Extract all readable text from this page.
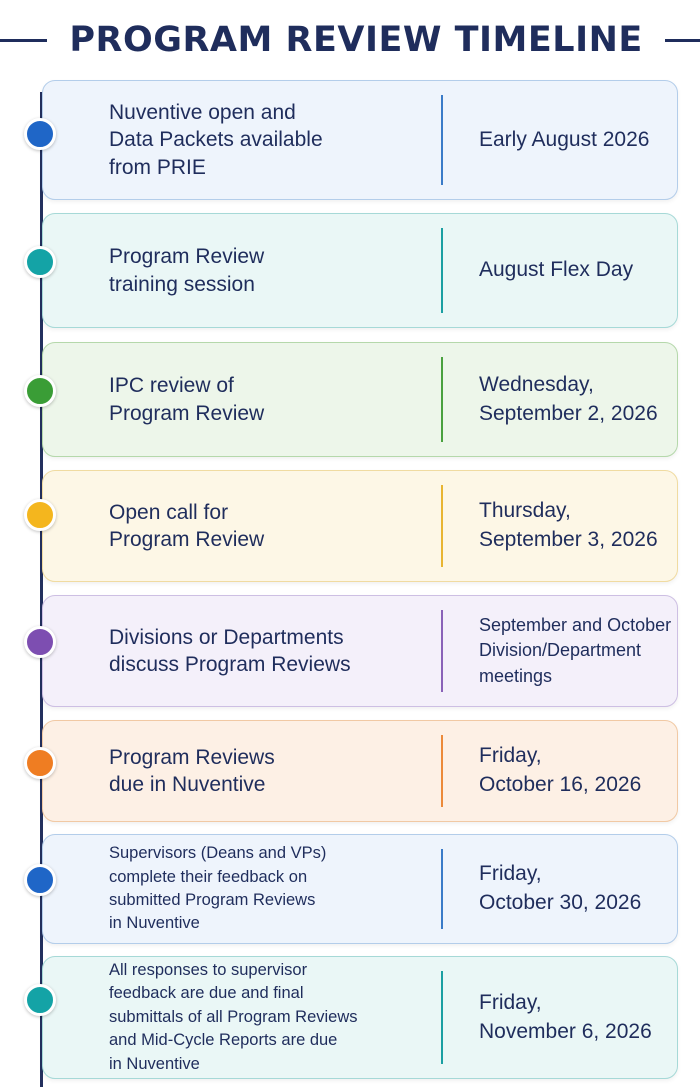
PROGRAM REVIEW TIMELINE
Nuventive open and
Data Packets available
from PRIE
Early August 2026
Program Review
training session
August Flex Day
IPC review of
Program Review
Wednesday,
September 2, 2026
Open call for
Program Review
Thursday,
September 3, 2026
Divisions or Departments
discuss Program Reviews
September and October
Division/Department
meetings
Program Reviews
due in Nuventive
Friday,
October 16, 2026
Supervisors (Deans and VPs)
complete their feedback on
submitted Program Reviews
in Nuventive
Friday,
October 30, 2026
All responses to supervisor
feedback are due and final
submittals of all Program Reviews
and Mid-Cycle Reports are due
in Nuventive
Friday,
November 6, 2026
